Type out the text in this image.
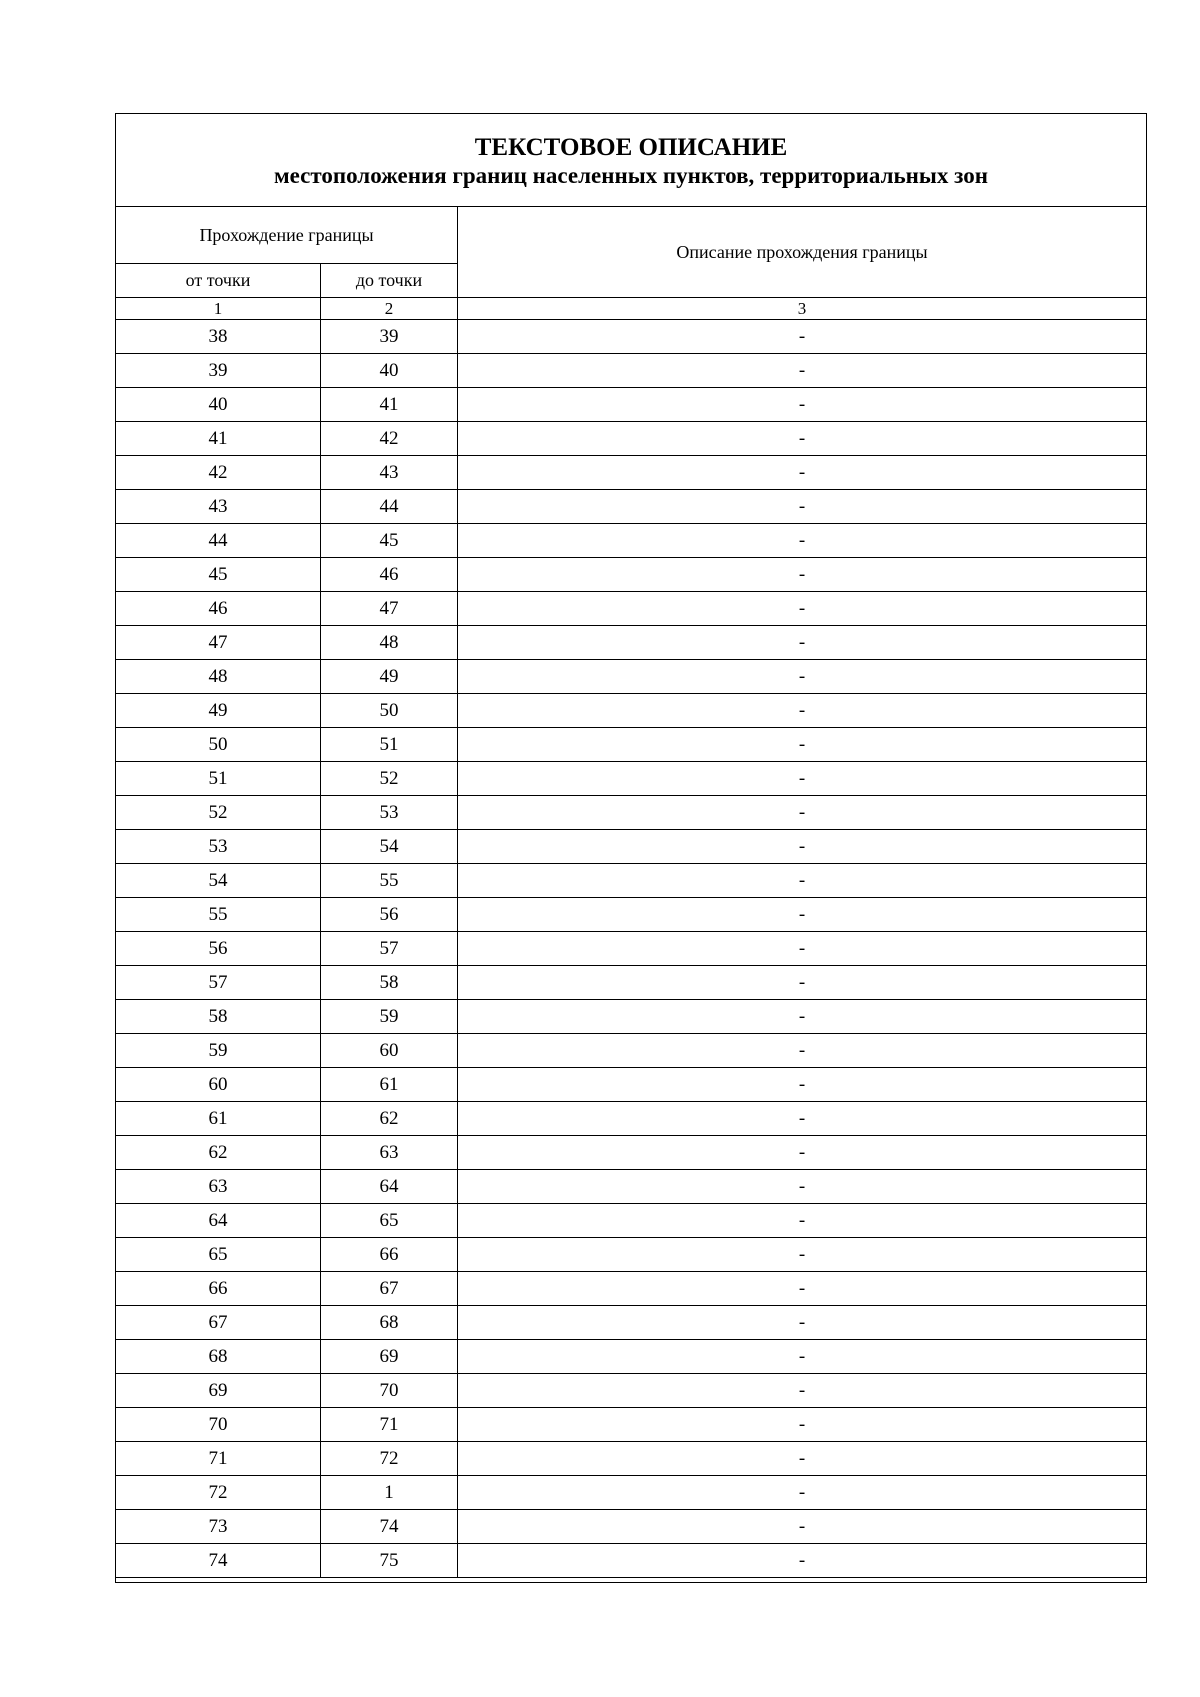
ТЕКСТОВОЕ ОПИСАНИЕ
местоположения границ населенных пунктов, территориальных зон		

Прохождение границы		Описание прохождения границы
от точки	до точки	
1	2	3
38	39	-
39	40	-
40	41	-
41	42	-
42	43	-
43	44	-
44	45	-
45	46	-
46	47	-
47	48	-
48	49	-
49	50	-
50	51	-
51	52	-
52	53	-
53	54	-
54	55	-
55	56	-
56	57	-
57	58	-
58	59	-
59	60	-
60	61	-
61	62	-
62	63	-
63	64	-
64	65	-
65	66	-
66	67	-
67	68	-
68	69	-
69	70	-
70	71	-
71	72	-
72	1	-
73	74	-
74	75	-
